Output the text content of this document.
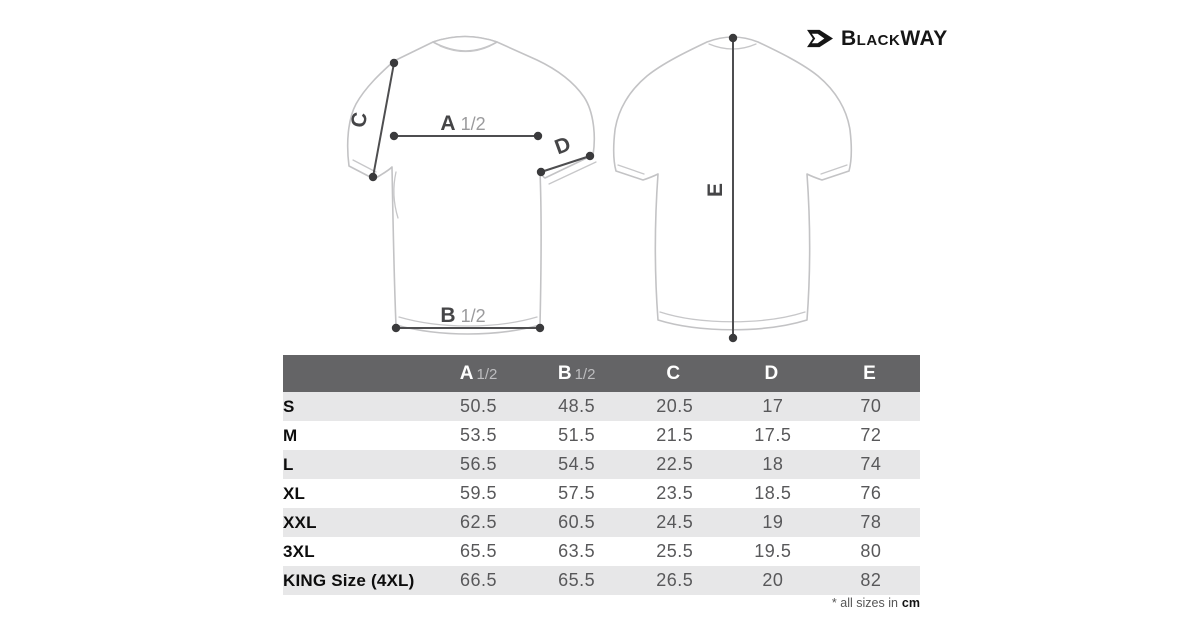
C	A 1/2
D
B 1/2
E
BlackWAY
	A 1/2	B 1/2	C	D	E
S	50.5	48.5	20.5	17	70
M	53.5	51.5	21.5	17.5	72
L	56.5	54.5	22.5	18	74
XL	59.5	57.5	23.5	18.5	76
XXL	62.5	60.5	24.5	19	78
3XL	65.5	63.5	25.5	19.5	80
KING Size (4XL)	66.5	65.5	26.5	20	82
* all sizes in cm
